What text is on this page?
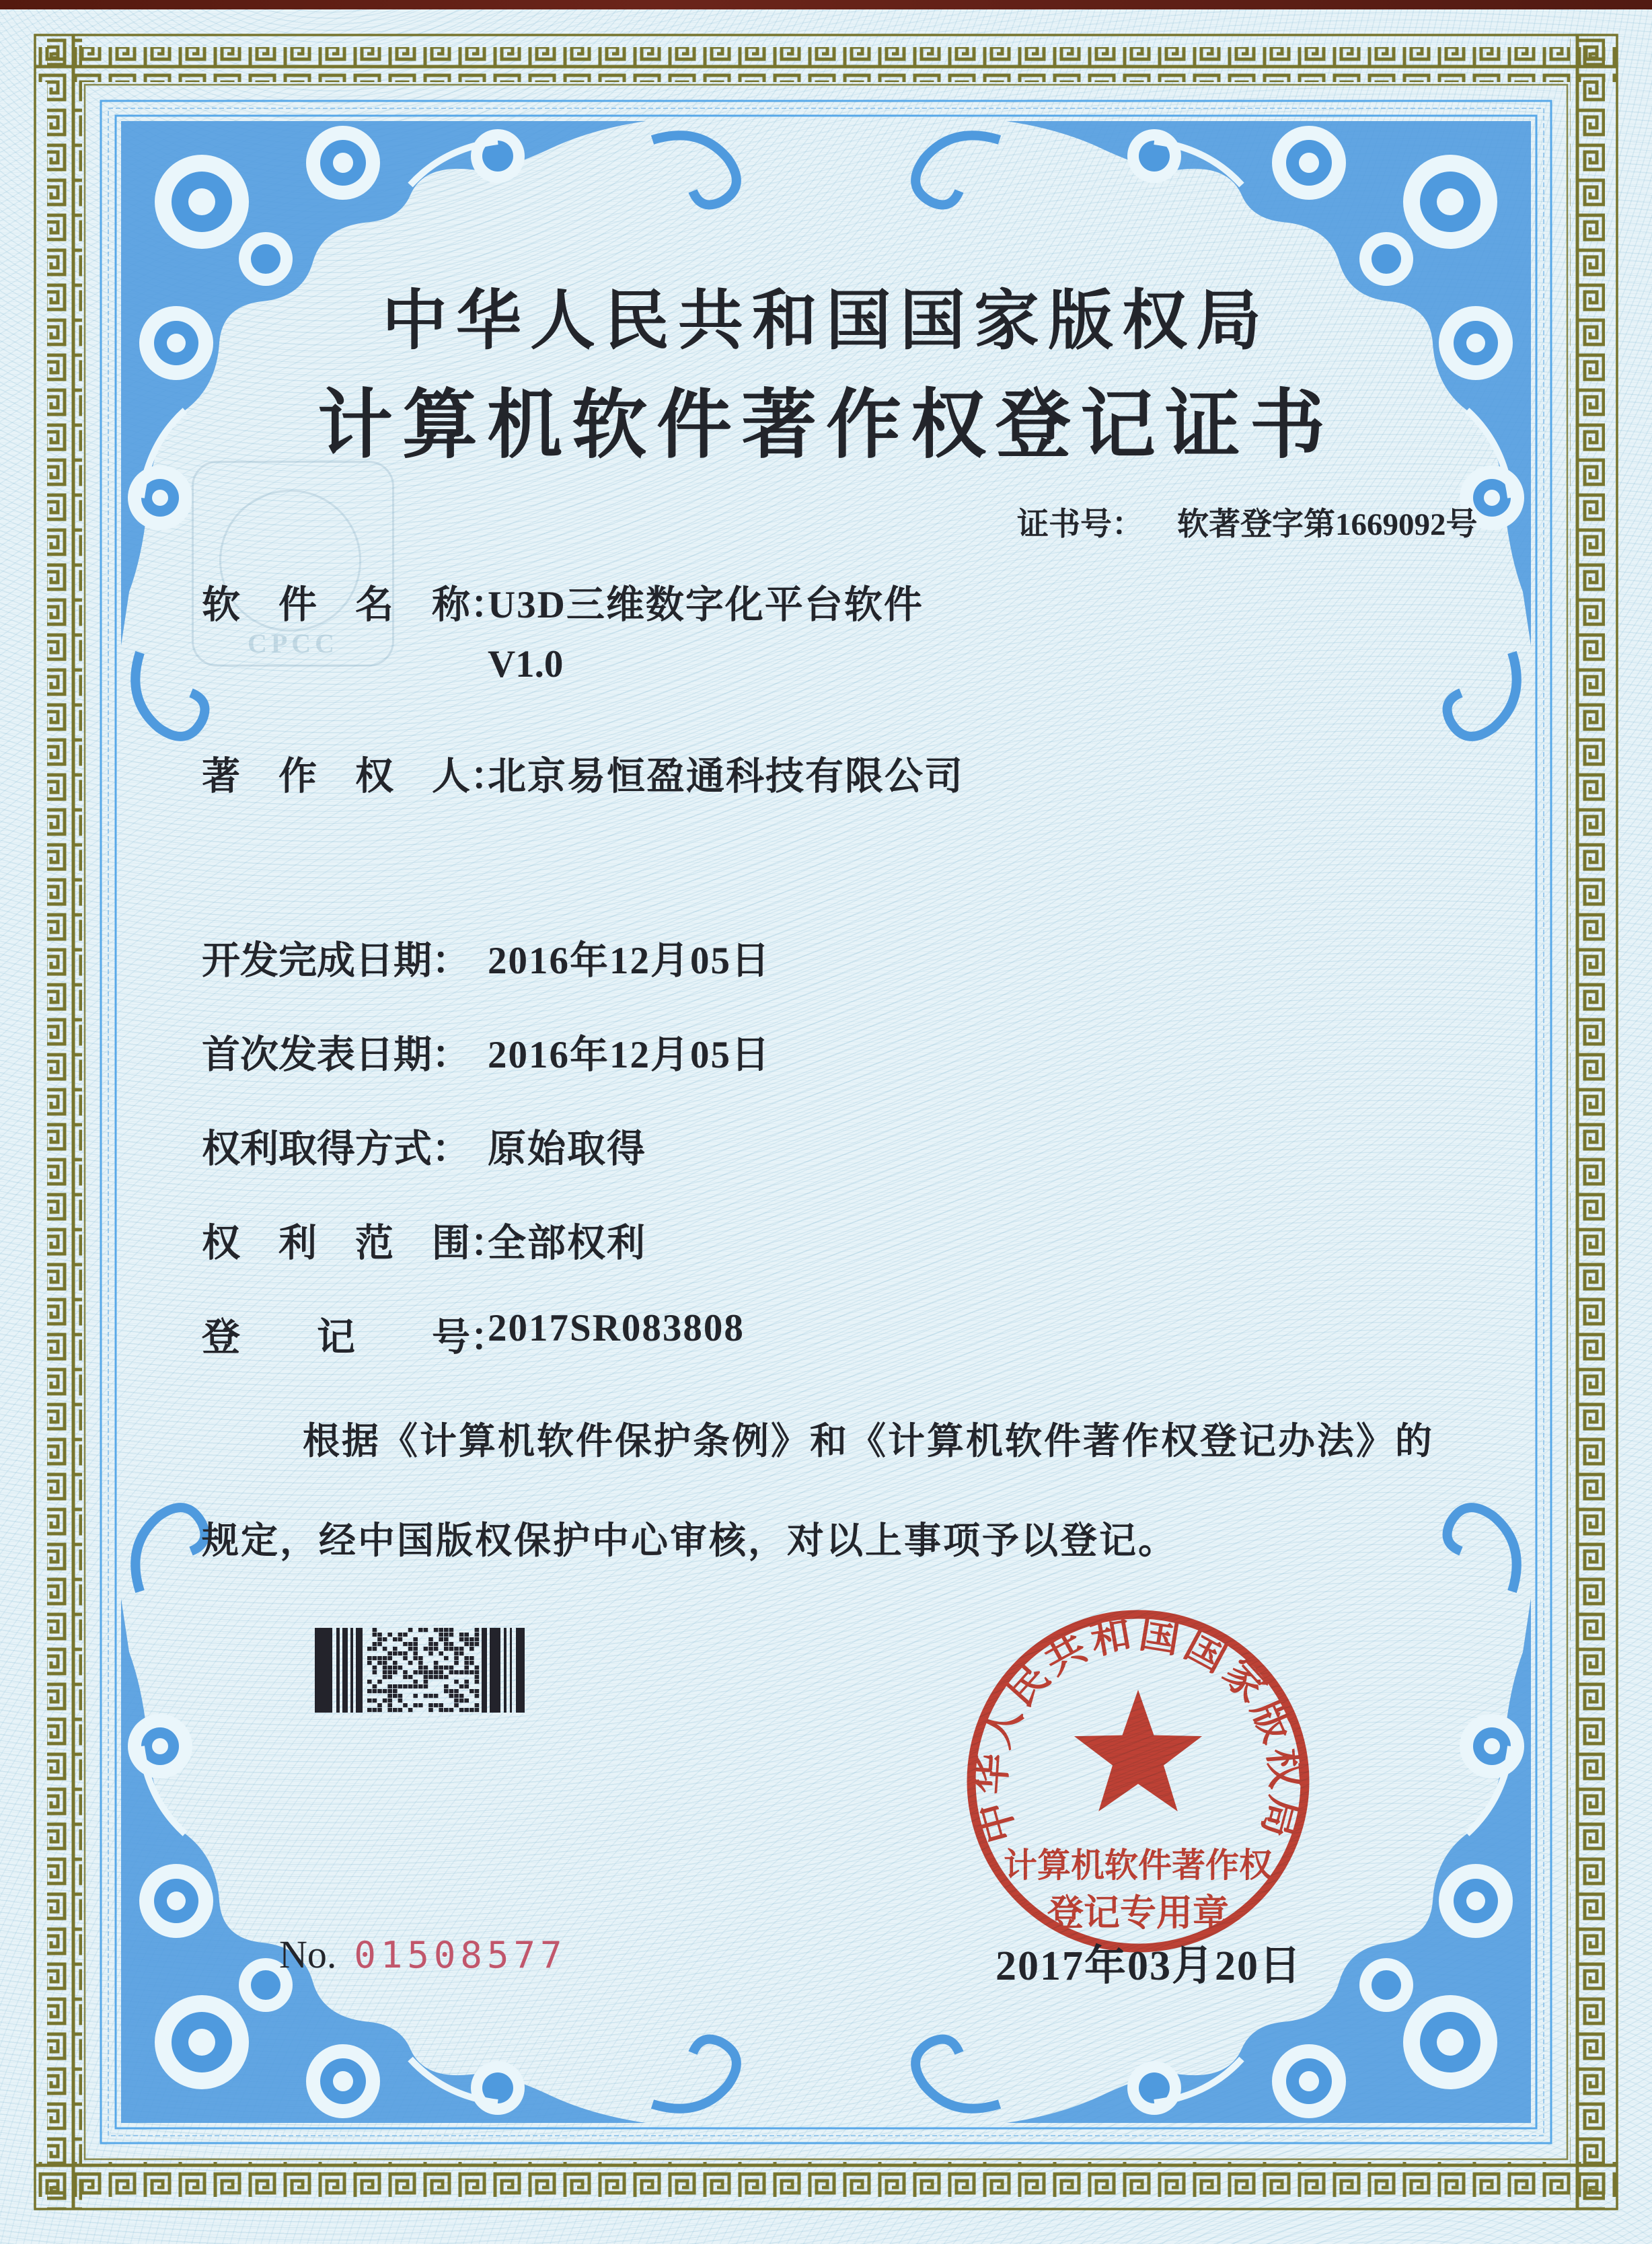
CPCC
中华人民共和国国家版权局
计算机软件著作权登记证书
证书号： 软著登字第1669092号
软　件　名　称：
U3D三维数字化平台软件
V1.0
著　作　权　人：
北京易恒盈通科技有限公司
开发完成日期： 2016年12月05日
首次发表日期： 2016年12月05日
权利取得方式： 原始取得
权　利　范　围：
全部权利
登　　记　　号：
2017SR083808
根据《计算机软件保护条例》和《计算机软件著作权登记办法》的
规定，经中国版权保护中心审核，对以上事项予以登记。
中华人民共和国国家版权局
计算机软件著作权
登记专用章
2017年03月20日
No. 01508577
